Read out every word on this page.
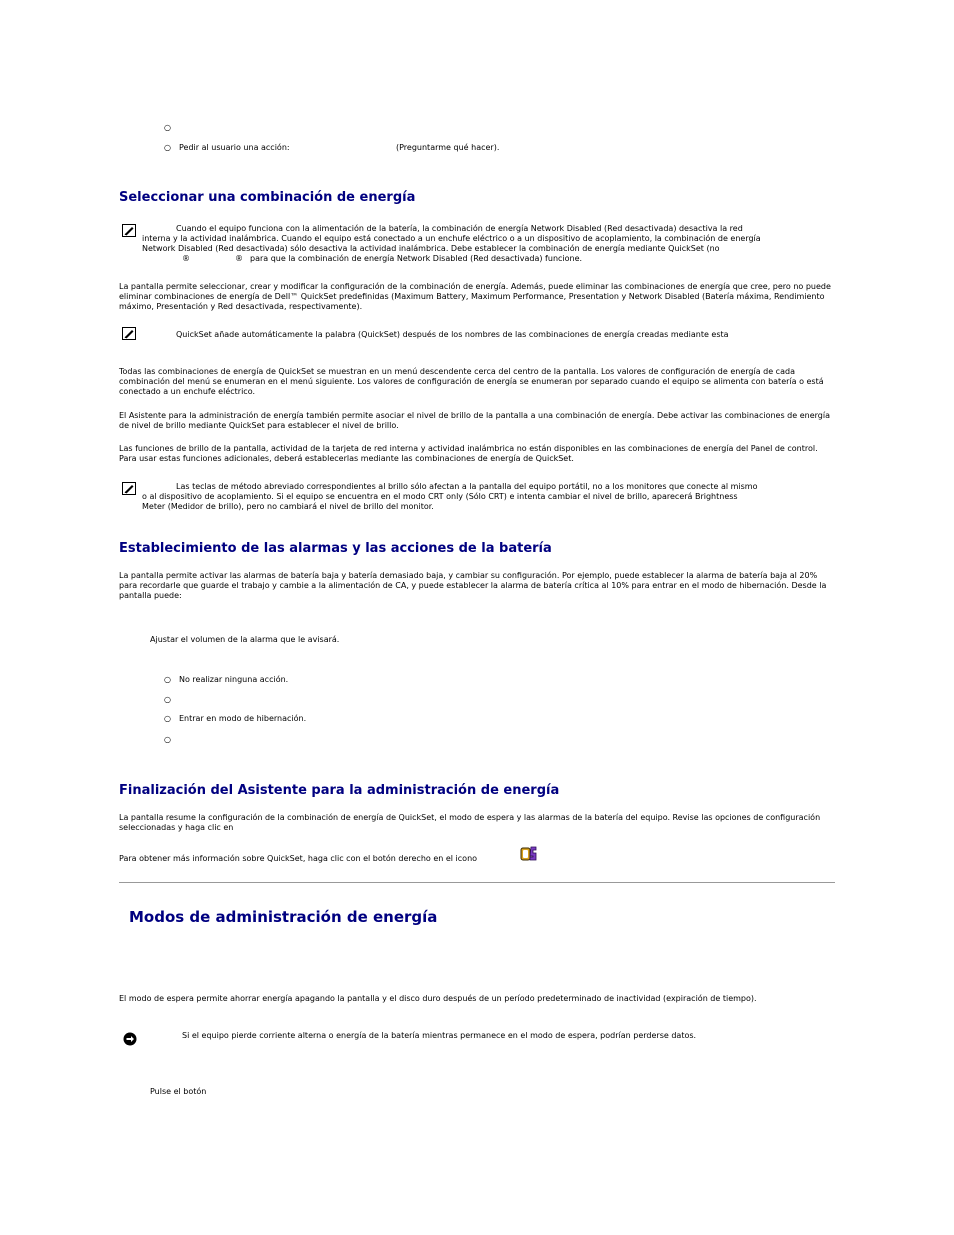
○
○ Pedir al usuario una acción:	(Preguntarme qué hacer).
Seleccionar una combinación de energía
Cuando el equipo funciona con la alimentación de la batería, la combinación de energía Network Disabled (Red desactivada) desactiva la red
interna y la actividad inalámbrica. Cuando el equipo está conectado a un enchufe eléctrico o a un dispositivo de acoplamiento, la combinación de energía
Network Disabled (Red desactivada) sólo desactiva la actividad inalámbrica. Debe establecer la combinación de energía mediante QuickSet (no
®	® para que la combinación de energía Network Disabled (Red desactivada) funcione.

La pantalla permite seleccionar, crear y modificar la configuración de la combinación de energía. Además, puede eliminar las combinaciones de energía que cree, pero no puede eliminar combinaciones de energía de Dell™ QuickSet predefinidas (Maximum Battery, Maximum Performance, Presentation y Network Disabled (Batería máxima, Rendimiento máximo, Presentación y Red desactivada, respectivamente).

QuickSet añade automáticamente la palabra (QuickSet) después de los nombres de las combinaciones de energía creadas mediante esta

Todas las combinaciones de energía de QuickSet se muestran en un menú descendente cerca del centro de la pantalla. Los valores de configuración de energía de cada combinación del menú se enumeran en el menú siguiente. Los valores de configuración de energía se enumeran por separado cuando el equipo se alimenta con batería o está conectado a un enchufe eléctrico.

El Asistente para la administración de energía también permite asociar el nivel de brillo de la pantalla a una combinación de energía. Debe activar las combinaciones de energía de nivel de brillo mediante QuickSet para establecer el nivel de brillo.

Las funciones de brillo de la pantalla, actividad de la tarjeta de red interna y actividad inalámbrica no están disponibles en las combinaciones de energía del Panel de control. Para usar estas funciones adicionales, deberá establecerlas mediante las combinaciones de energía de QuickSet.

Las teclas de método abreviado correspondientes al brillo sólo afectan a la pantalla del equipo portátil, no a los monitores que conecte al mismo
o al dispositivo de acoplamiento. Si el equipo se encuentra en el modo CRT only (Sólo CRT) e intenta cambiar el nivel de brillo, aparecerá Brightness
Meter (Medidor de brillo), pero no cambiará el nivel de brillo del monitor.
Establecimiento de las alarmas y las acciones de la batería

La pantalla permite activar las alarmas de batería baja y batería demasiado baja, y cambiar su configuración. Por ejemplo, puede establecer la alarma de batería baja al 20% para recordarle que guarde el trabajo y cambie a la alimentación de CA, y puede establecer la alarma de batería crítica al 10% para entrar en el modo de hibernación. Desde la pantalla puede:

Ajustar el volumen de la alarma que le avisará.
○ No realizar ninguna acción.
○
○ Entrar en modo de hibernación.
○
Finalización del Asistente para la administración de energía

La pantalla resume la configuración de la combinación de energía de QuickSet, el modo de espera y las alarmas de la batería del equipo. Revise las opciones de configuración seleccionadas y haga clic en

Para obtener más información sobre QuickSet, haga clic con el botón derecho en el icono
Modos de administración de energía

El modo de espera permite ahorrar energía apagando la pantalla y el disco duro después de un período predeterminado de inactividad (expiración de tiempo).

Si el equipo pierde corriente alterna o energía de la batería mientras permanece en el modo de espera, podrían perderse datos.
Pulse el botón
